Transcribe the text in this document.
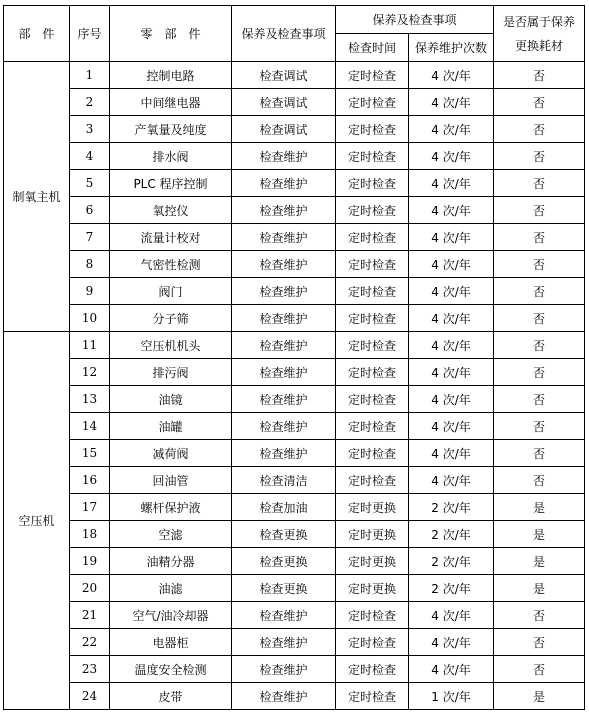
部　件	序号	零　部　件	保养及检查事项	保养及检查事项		是否属于保养
更换耗材

				检查时间	保养维护次数	
制氧主机	1	控制电路	检查调试	定时检查	4 次/年	否
	2	中间继电器	检查调试	定时检查	4 次/年	否
	3	产氧量及纯度	检查调试	定时检查	4 次/年	否
	4	排水阀	检查维护	定时检查	4 次/年	否
	5	PLC 程序控制	检查维护	定时检查	4 次/年	否
	6	氧控仪	检查维护	定时检查	4 次/年	否
	7	流量计校对	检查维护	定时检查	4 次/年	否
	8	气密性检测	检查维护	定时检查	4 次/年	否
	9	阀门	检查维护	定时检查	4 次/年	否
	10	分子筛	检查维护	定时检查	4 次/年	否
空压机	11	空压机机头	检查维护	定时检查	4 次/年	否
	12	排污阀	检查维护	定时检查	4 次/年	否
	13	油镜	检查维护	定时检查	4 次/年	否
	14	油罐	检查维护	定时检查	4 次/年	否
	15	减荷阀	检查维护	定时检查	4 次/年	否
	16	回油管	检查清洁	定时检查	4 次/年	否
	17	螺杆保护液	检查加油	定时更换	2 次/年	是
	18	空滤	检查更换	定时更换	2 次/年	是
	19	油精分器	检查更换	定时更换	2 次/年	是
	20	油滤	检查更换	定时更换	2 次/年	是
	21	空气/油冷却器	检查维护	定时检查	4 次/年	否
	22	电器柜	检查维护	定时检查	4 次/年	否
	23	温度安全检测	检查维护	定时检查	4 次/年	否
	24	皮带	检查维护	定时检查	1 次/年	是
